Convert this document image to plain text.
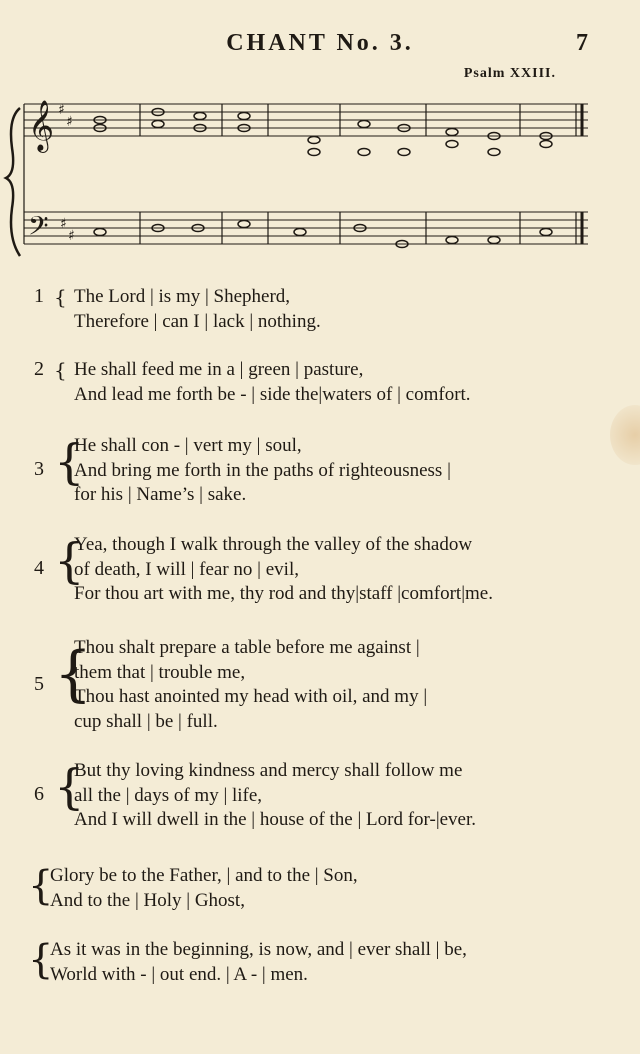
CHANT No. 3.	7
Psalm XXIII.
𝄞
𝄢
♯
♯
♯
♯
1 { The Lord | is my | Shepherd,
Therefore | can I | lack | nothing.
2 { He shall feed me in a | green | pasture,
And lead me forth be - | side the|waters of | comfort.
3 {
He shall con - | vert my | soul,
And bring me forth in the paths of righteousness |
for his | Name’s | sake.
4 {
Yea, though I walk through the valley of the shadow
of death, I will | fear no | evil,
For thou art with me, thy rod and thy|staff |comfort|me.
5 {
Thou shalt prepare a table before me against |
them that | trouble me,
Thou hast anointed my head with oil, and my |
cup shall | be | full.
6 {
But thy loving kindness and mercy shall follow me
all the | days of my | life,
And I will dwell in the | house of the | Lord for-|ever.
{
Glory be to the Father, | and to the | Son,
And to the | Holy | Ghost,
{
As it was in the beginning, is now, and | ever shall | be,
World with - | out end. | A - | men.
